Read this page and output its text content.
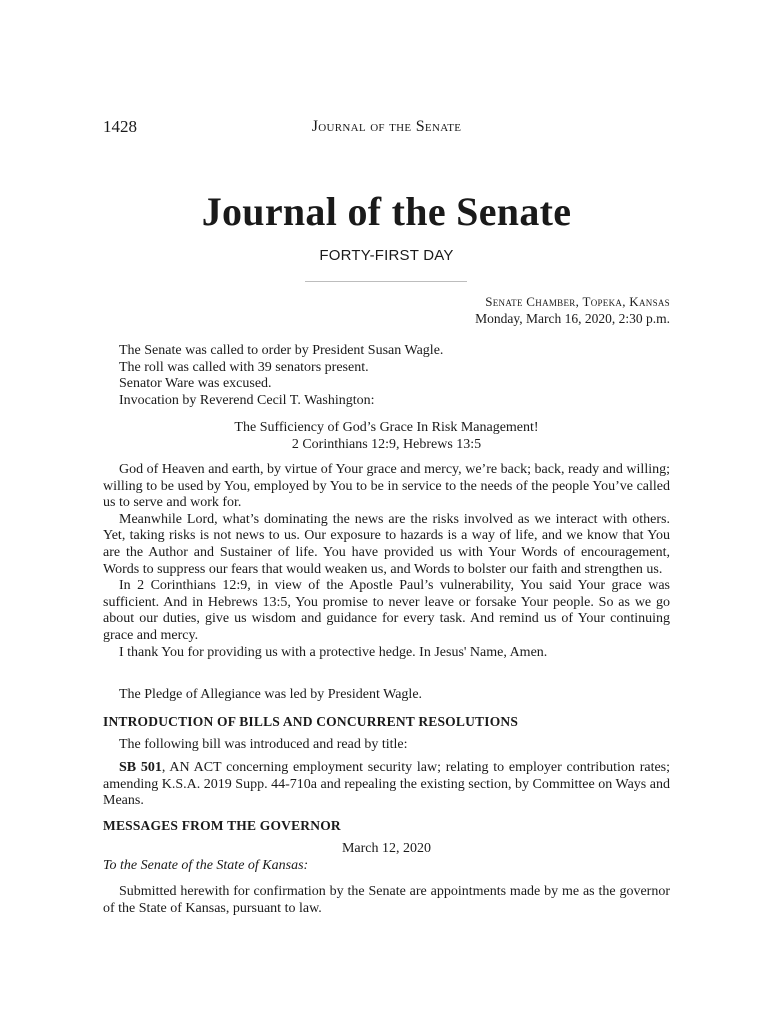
1428	Journal of the Senate
Journal of the Senate
FORTY-FIRST DAY
Senate Chamber, Topeka, Kansas
Monday, March 16, 2020, 2:30 p.m.

The Senate was called to order by President Susan Wagle.

The roll was called with 39 senators present.

Senator Ware was excused.

Invocation by Reverend Cecil T. Washington:

The Sufficiency of God’s Grace In Risk Management!

2 Corinthians 12:9, Hebrews 13:5

God of Heaven and earth, by virtue of Your grace and mercy, we’re back; back, ready and willing; willing to be used by You, employed by You to be in service to the needs of the people You’ve called us to serve and work for.

Meanwhile Lord, what’s dominating the news are the risks involved as we interact with others. Yet, taking risks is not news to us. Our exposure to hazards is a way of life, and we know that You are the Author and Sustainer of life. You have provided us with Your Words of encouragement, Words to suppress our fears that would weaken us, and Words to bolster our faith and strengthen us.

In 2 Corinthians 12:9, in view of the Apostle Paul’s vulnerability, You said Your grace was sufficient. And in Hebrews 13:5, You promise to never leave or forsake Your people. So as we go about our duties, give us wisdom and guidance for every task. And remind us of Your continuing grace and mercy.

I thank You for providing us with a protective hedge. In Jesus' Name, Amen.

The Pledge of Allegiance was led by President Wagle.

INTRODUCTION OF BILLS AND CONCURRENT RESOLUTIONS

The following bill was introduced and read by title:

SB 501, AN ACT concerning employment security law; relating to employer contribution rates; amending K.S.A. 2019 Supp. 44-710a and repealing the existing section, by Committee on Ways and Means.

MESSAGES FROM THE GOVERNOR

March 12, 2020

To the Senate of the State of Kansas:

Submitted herewith for confirmation by the Senate are appointments made by me as the governor of the State of Kansas, pursuant to law.
